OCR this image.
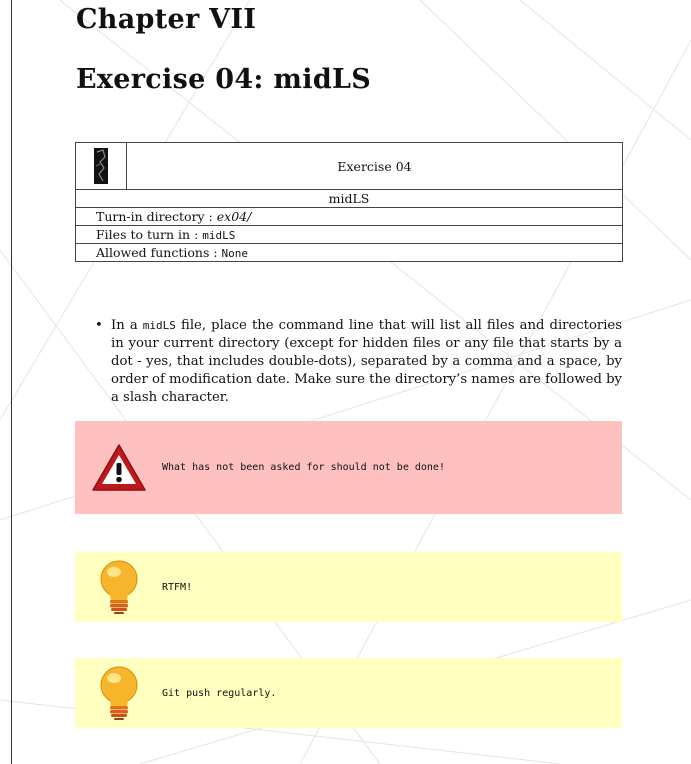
Chapter VII
Exercise 04: midLS
Exercise 04
midLS
Turn-in directory : ex04/
Files to turn in : midLS
Allowed functions : None
• In a midLS file, place the command line that will list all files and directories in your current directory (except for hidden files or any file that starts by a dot - yes, that includes double-dots), separated by a comma and a space, by order of modification date. Make sure the directory’s names are followed by a slash character.
What has not been asked for should not be done!
RTFM!
Git push regularly.
